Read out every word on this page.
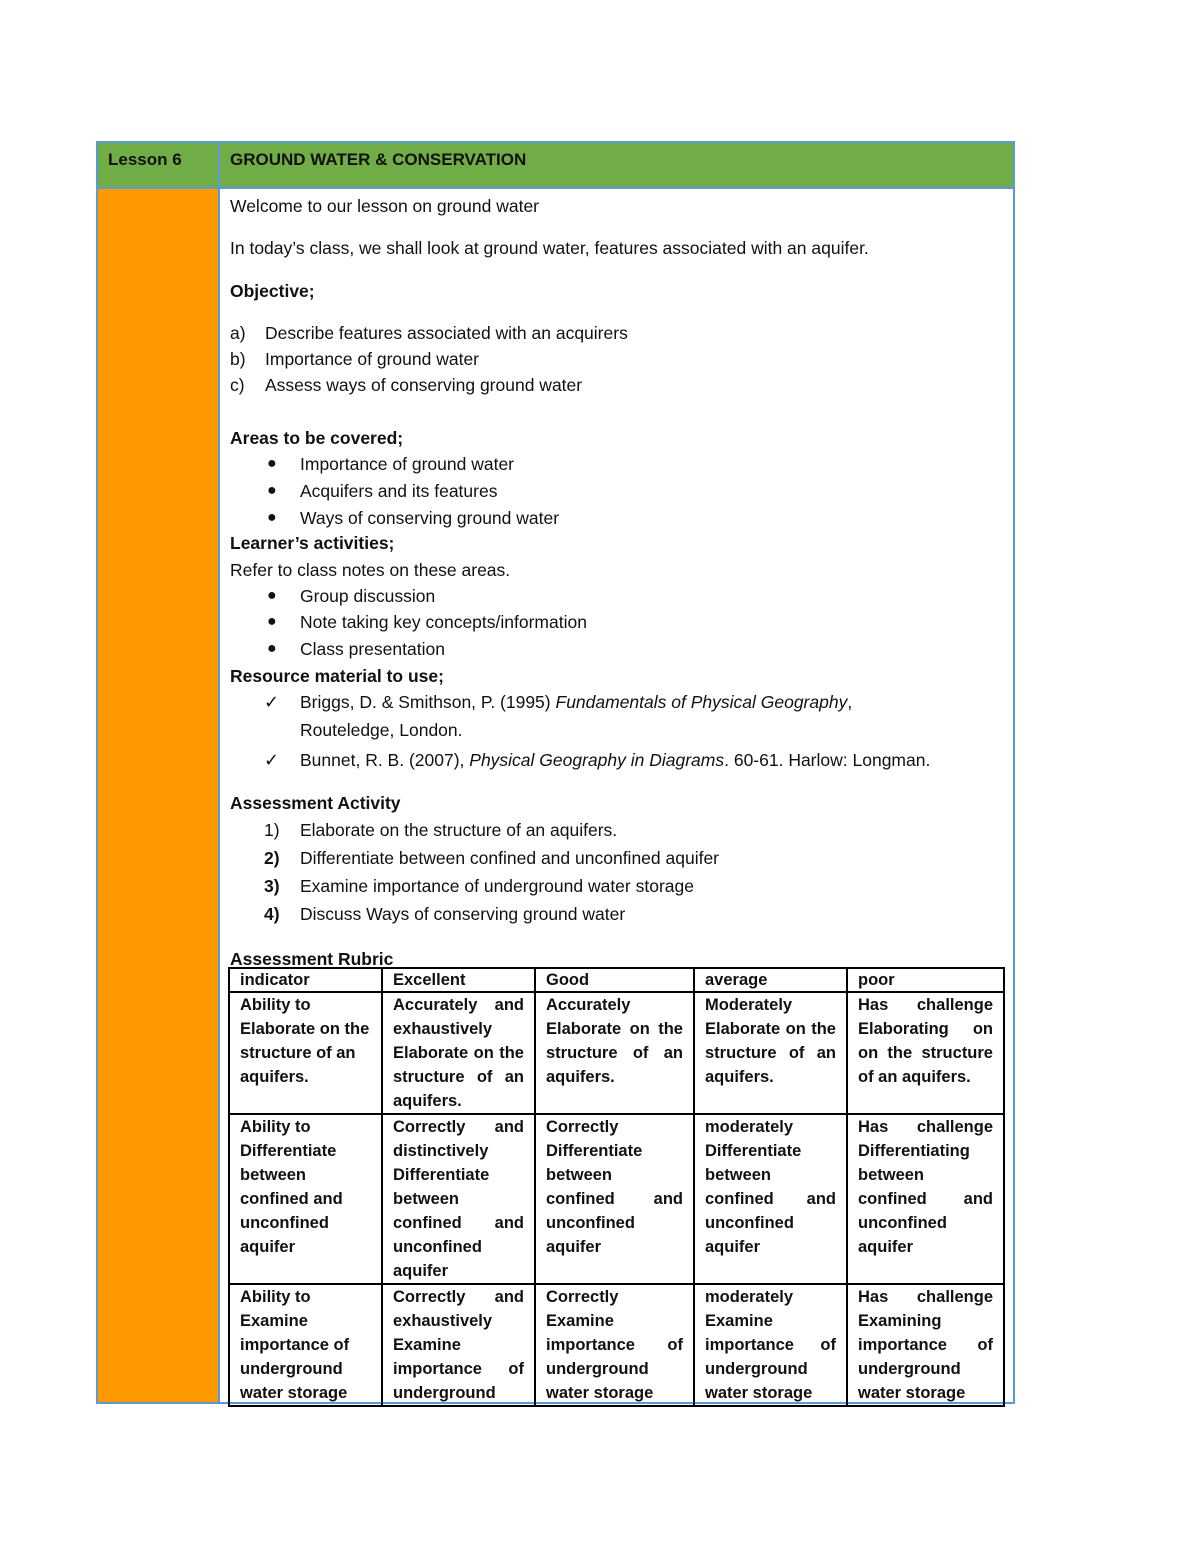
Lesson 6	GROUND WATER & CONSERVATION
Welcome to our lesson on ground water
In today’s class, we shall look at ground water, features associated with an aquifer.
Objective;
a) Describe features associated with an acquirers
b) Importance of ground water
c) Assess ways of conserving ground water
Areas to be covered;
● Importance of ground water
● Acquifers and its features
● Ways of conserving ground water
Learner’s activities;
Refer to class notes on these areas.
● Group discussion
● Note taking key concepts/information
● Class presentation
Resource material to use;
✓ Briggs, D. & Smithson, P. (1995) Fundamentals of Physical Geography,
Routeledge, London.
✓ Bunnet, R. B. (2007), Physical Geography in Diagrams. 60-61. Harlow: Longman.
Assessment Activity
1) Elaborate on the structure of an aquifers.
2) Differentiate between confined and unconfined aquifer
3) Examine importance of underground water storage
4) Discuss Ways of conserving ground water
Assessment Rubric
indicator	Excellent	Good	average	poor
Ability to Elaborate on the structure of an aquifers.	Accurately and exhaustively Elaborate on the structure of an aquifers.	Accurately Elaborate on the structure of an aquifers.	Moderately Elaborate on the structure of an aquifers.	Has challenge Elaborating on on the structure of an aquifers.
Ability to Differentiate between confined and unconfined aquifer	Correctly and distinctively Differentiate between confined and unconfined aquifer	Correctly Differentiate between confined and unconfined aquifer	moderately Differentiate between confined and unconfined aquifer	Has challenge Differentiating between confined and unconfined aquifer
Ability to Examine importance of underground water storage	Correctly and exhaustively Examine importance of underground	Correctly Examine importance of underground water storage	moderately Examine importance of underground water storage	Has challenge Examining importance of underground water storage
